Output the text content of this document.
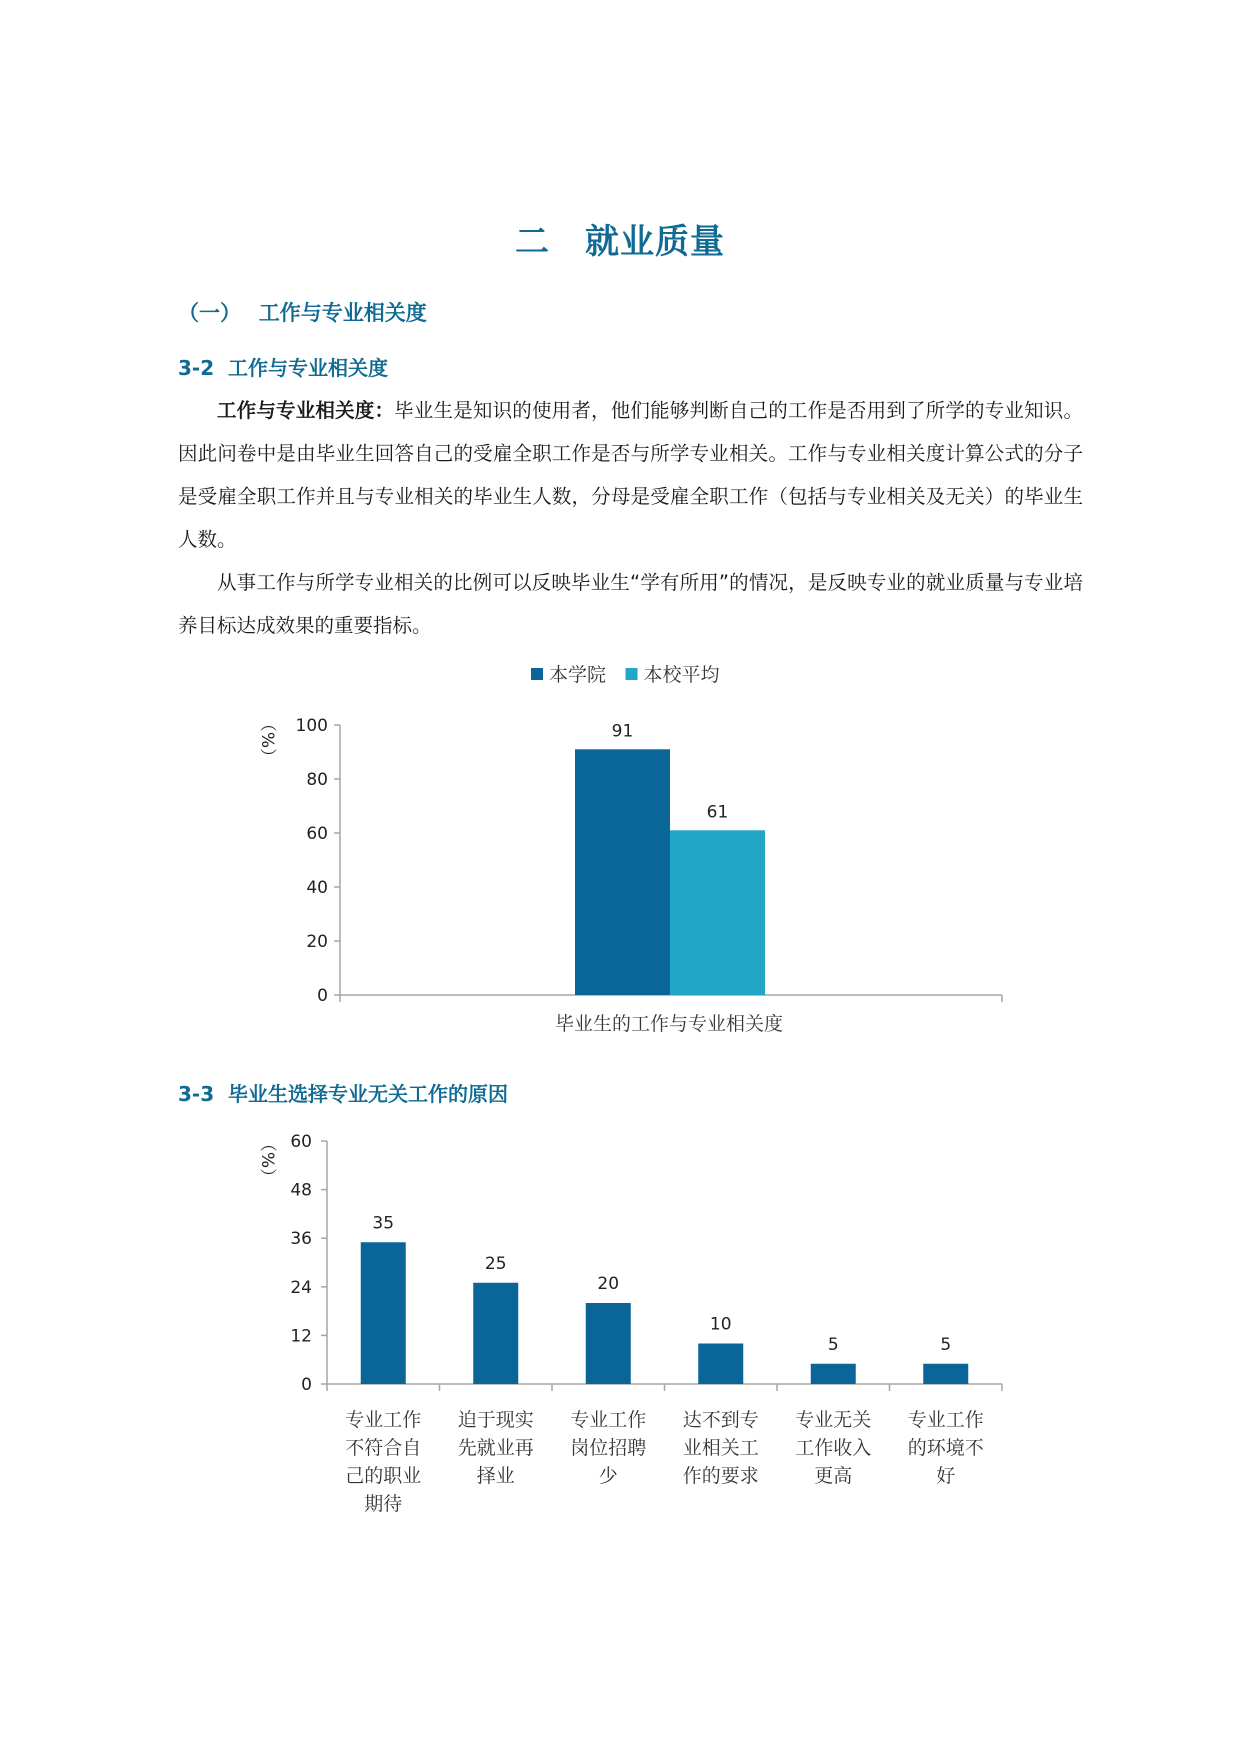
二　就业质量
（一）　 工作与专业相关度
3-2  工作与专业相关度
工作与专业相关度：毕业生是知识的使用者，他们能够判断自己的工作是否用到了所学的专业知识。因此问卷中是由毕业生回答自己的受雇全职工作是否与所学专业相关。工作与专业相关度计算公式的分子是受雇全职工作并且与专业相关的毕业生人数，分母是受雇全职工作（包括与专业相关及无关）的毕业生人数。
从事工作与所学专业相关的比例可以反映毕业生“学有所用”的情况，是反映专业的就业质量与专业培养目标达成效果的重要指标。
本学院 本校平均
0
20
40
60
80
100
（%）	91
61
毕业生的工作与专业相关度
0
12
24
36
48
60
（%）
35
专业工作
不符合自
己的职业
期待
25
迫于现实
先就业再
择业
20
专业工作
岗位招聘
少
10
达不到专
业相关工
作的要求
5
专业无关
工作收入
更高
5
专业工作
的环境不
好
3-3  毕业生选择专业无关工作的原因
